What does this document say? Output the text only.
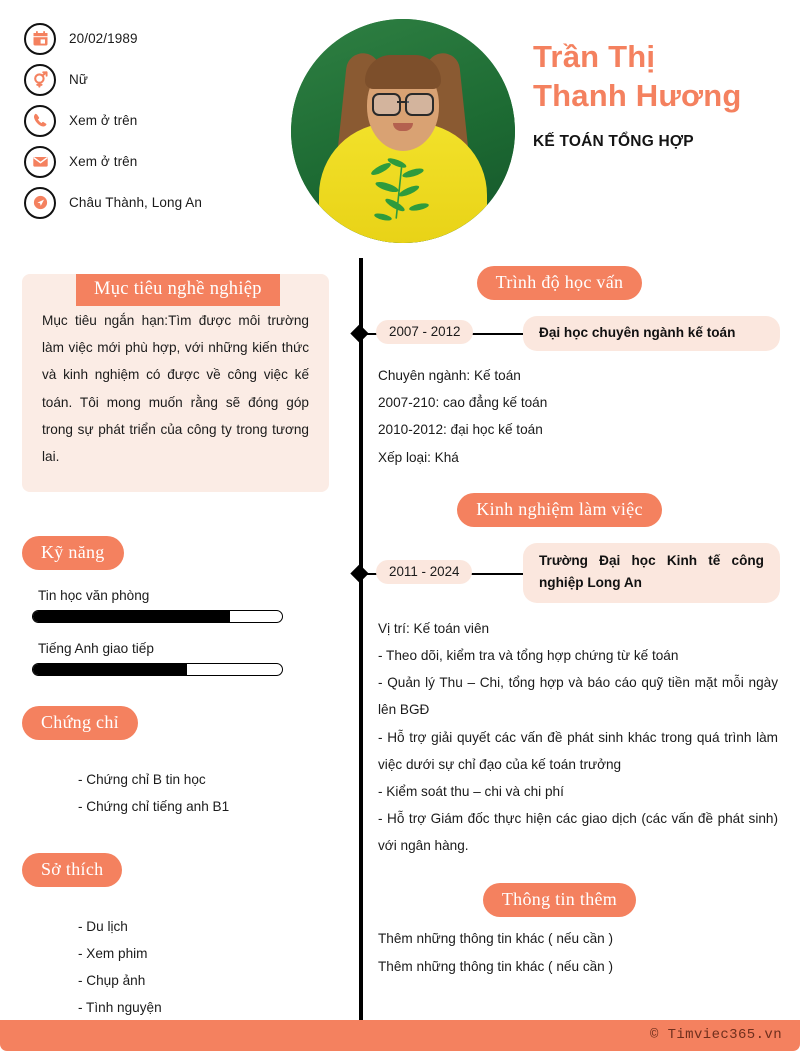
20/02/1989
Nữ
Xem ở trên
Xem ở trên
Châu Thành, Long An
Trần Thị
Thanh Hương
KẾ TOÁN TỔNG HỢP
Mục tiêu nghề nghiệp
Mục tiêu ngắn hạn:Tìm được môi trường làm việc mới phù hợp, với những kiến thức và kinh nghiệm có được về công việc kế toán. Tôi mong muốn rằng sẽ đóng góp trong sự phát triển của công ty trong tương lai.
Kỹ năng
Tin học văn phòng
Tiếng Anh giao tiếp
Chứng chỉ
- Chứng chỉ B tin học
- Chứng chỉ tiếng anh B1
Sở thích
- Du lịch
- Xem phim
- Chụp ảnh
- Tình nguyện
Trình độ học vấn
2007 - 2012	Đại học chuyên ngành kế toán

Chuyên ngành: Kế toán

2007-210: cao đẳng kế toán

2010-2012: đại học kế toán

Xếp loại: Khá

Kinh nghiệm làm việc
2011 - 2024
Trường Đại học Kinh tế công nghiệp Long An

Vị trí: Kế toán viên

- Theo dõi, kiểm tra và tổng hợp chứng từ kế toán

- Quản lý Thu – Chi, tổng hợp và báo cáo quỹ tiền mặt mỗi ngày lên BGĐ

- Hỗ trợ giải quyết các vấn đề phát sinh khác trong quá trình làm việc dưới sự chỉ đạo của kế toán trưởng

- Kiểm soát thu – chi và chi phí

- Hỗ trợ Giám đốc thực hiện các giao dịch (các vấn đề phát sinh) với ngân hàng.

Thông tin thêm

Thêm những thông tin khác ( nếu cần )

Thêm những thông tin khác ( nếu cần )

© Timviec365.vn
